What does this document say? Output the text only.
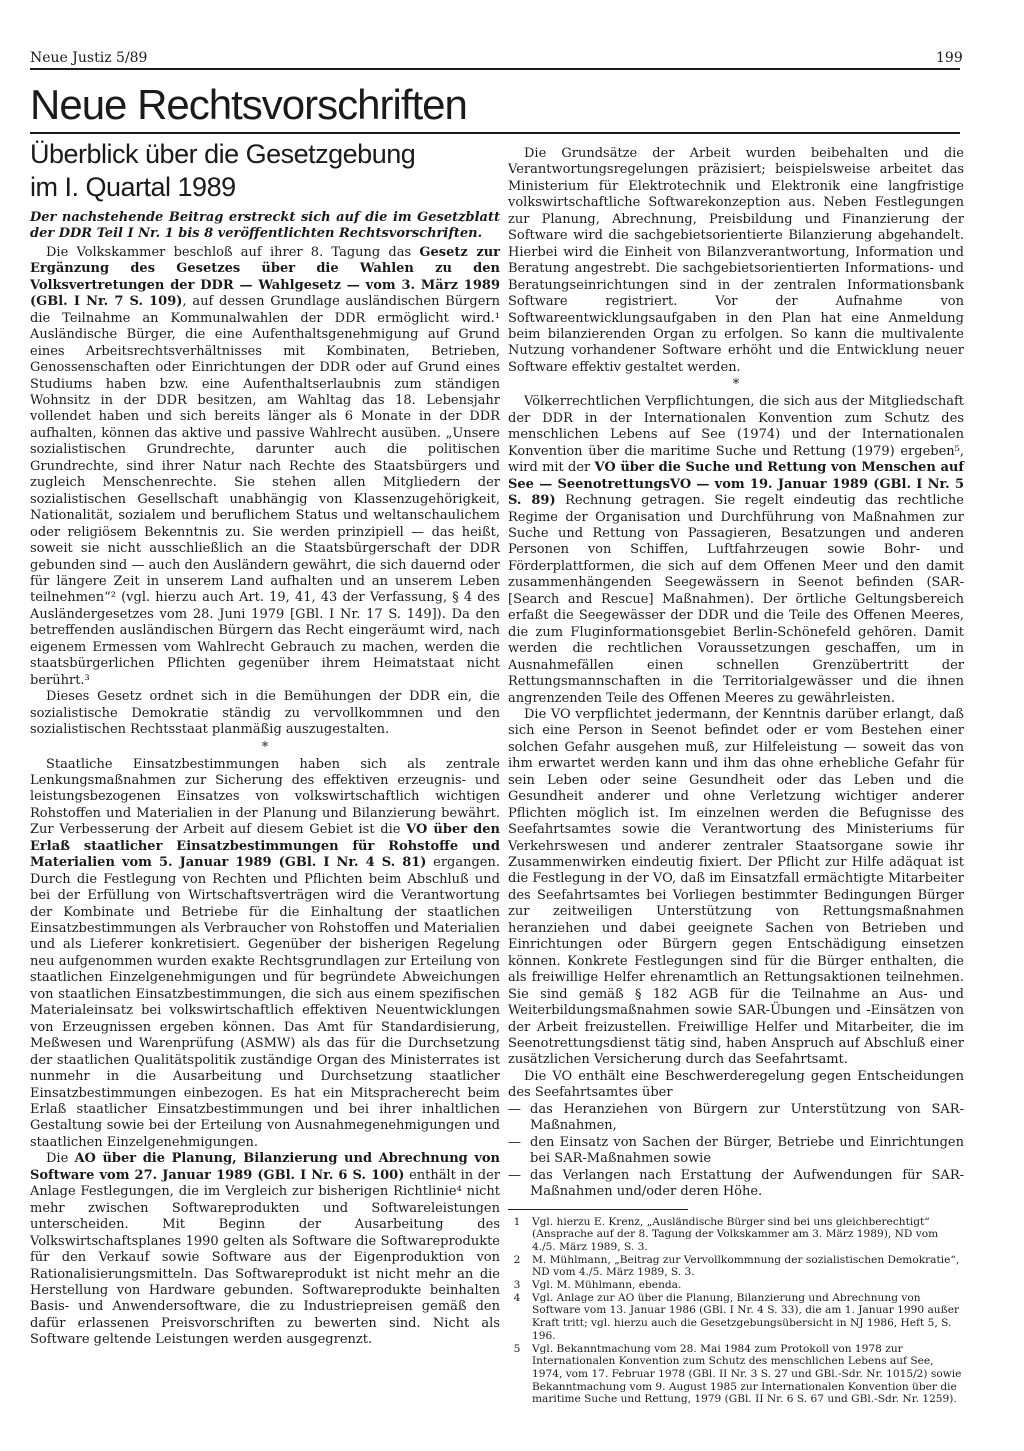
Neue Justiz 5/89	199
Neue Rechtsvorschriften
Überblick über die Gesetzgebung
im I. Quartal 1989

Der nachstehende Beitrag erstreckt sich auf die im Gesetzblatt der DDR Teil I Nr. 1 bis 8 veröffentlichten Rechtsvorschriften.

Die Volkskammer beschloß auf ihrer 8. Tagung das Gesetz zur Ergänzung des Gesetzes über die Wahlen zu den Volksvertretungen der DDR — Wahlgesetz — vom 3. März 1989 (GBl. I Nr. 7 S. 109), auf dessen Grundlage ausländischen Bürgern die Teilnahme an Kommunalwahlen der DDR ermöglicht wird.¹ Ausländische Bürger, die eine Aufenthaltsgenehmigung auf Grund eines Arbeitsrechtsverhältnisses mit Kombinaten, Betrieben, Genossenschaften oder Einrichtungen der DDR oder auf Grund eines Studiums haben bzw. eine Aufenthaltserlaubnis zum ständigen Wohnsitz in der DDR besitzen, am Wahltag das 18. Lebensjahr vollendet haben und sich bereits länger als 6 Monate in der DDR aufhalten, können das aktive und passive Wahlrecht ausüben. „Unsere sozialistischen Grundrechte, darunter auch die politischen Grundrechte, sind ihrer Natur nach Rechte des Staatsbürgers und zugleich Menschenrechte. Sie stehen allen Mitgliedern der sozialistischen Gesellschaft unabhängig von Klassenzugehörigkeit, Nationalität, sozialem und beruflichem Status und weltanschaulichem oder religiösem Bekenntnis zu. Sie werden prinzipiell — das heißt, soweit sie nicht ausschließlich an die Staatsbürgerschaft der DDR gebunden sind — auch den Ausländern gewährt, die sich dauernd oder für längere Zeit in unserem Land aufhalten und an unserem Leben teilnehmen“² (vgl. hierzu auch Art. 19, 41, 43 der Verfassung, § 4 des Ausländergesetzes vom 28. Juni 1979 [GBl. I Nr. 17 S. 149]). Da den betreffenden ausländischen Bürgern das Recht eingeräumt wird, nach eigenem Ermessen vom Wahlrecht Gebrauch zu machen, werden die staatsbürgerlichen Pflichten gegenüber ihrem Heimatstaat nicht berührt.³

Dieses Gesetz ordnet sich in die Bemühungen der DDR ein, die sozialistische Demokratie ständig zu vervollkommnen und den sozialistischen Rechtsstaat planmäßig auszugestalten.

*

Staatliche Einsatzbestimmungen haben sich als zentrale Lenkungsmaßnahmen zur Sicherung des effektiven erzeugnis- und leistungsbezogenen Einsatzes von volkswirtschaftlich wichtigen Rohstoffen und Materialien in der Planung und Bilanzierung bewährt. Zur Verbesserung der Arbeit auf diesem Gebiet ist die VO über den Erlaß staatlicher Einsatzbestimmungen für Rohstoffe und Materialien vom 5. Januar 1989 (GBl. I Nr. 4 S. 81) ergangen. Durch die Festlegung von Rechten und Pflichten beim Abschluß und bei der Erfüllung von Wirtschaftsverträgen wird die Verantwortung der Kombinate und Betriebe für die Einhaltung der staatlichen Einsatzbestimmungen als Verbraucher von Rohstoffen und Materialien und als Lieferer konkretisiert. Gegenüber der bisherigen Regelung neu aufgenommen wurden exakte Rechtsgrundlagen zur Erteilung von staatlichen Einzelgenehmigungen und für begründete Abweichungen von staatlichen Einsatzbestimmungen, die sich aus einem spezifischen Materialeinsatz bei volkswirtschaftlich effektiven Neuentwicklungen von Erzeugnissen ergeben können. Das Amt für Standardisierung, Meßwesen und Warenprüfung (ASMW) als das für die Durchsetzung der staatlichen Qualitätspolitik zuständige Organ des Ministerrates ist nunmehr in die Ausarbeitung und Durchsetzung staatlicher Einsatzbestimmungen einbezogen. Es hat ein Mitspracherecht beim Erlaß staatlicher Einsatzbestimmungen und bei ihrer inhaltlichen Gestaltung sowie bei der Erteilung von Ausnahmegenehmigungen und staatlichen Einzelgenehmigungen.

Die AO über die Planung, Bilanzierung und Abrechnung von Software vom 27. Januar 1989 (GBl. I Nr. 6 S. 100) enthält in der Anlage Festlegungen, die im Vergleich zur bisherigen Richtlinie⁴ nicht mehr zwischen Softwareprodukten und Softwareleistungen unterscheiden. Mit Beginn der Ausarbeitung des Volkswirtschaftsplanes 1990 gelten als Software die Softwareprodukte für den Verkauf sowie Software aus der Eigenproduktion von Rationalisierungsmitteln. Das Softwareprodukt ist nicht mehr an die Herstellung von Hardware gebunden. Softwareprodukte beinhalten Basis- und Anwendersoftware, die zu Industriepreisen gemäß den dafür erlassenen Preisvorschriften zu bewerten sind. Nicht als Software geltende Leistungen werden ausgegrenzt.

Die Grundsätze der Arbeit wurden beibehalten und die Verantwortungsregelungen präzisiert; beispielsweise arbeitet das Ministerium für Elektrotechnik und Elektronik eine langfristige volkswirtschaftliche Softwarekonzeption aus. Neben Festlegungen zur Planung, Abrechnung, Preisbildung und Finanzierung der Software wird die sachgebietsorientierte Bilanzierung abgehandelt. Hierbei wird die Einheit von Bilanzverantwortung, Information und Beratung angestrebt. Die sachgebietsorientierten Informations- und Beratungseinrichtungen sind in der zentralen Informationsbank Software registriert. Vor der Aufnahme von Softwareentwicklungsaufgaben in den Plan hat eine Anmeldung beim bilanzierenden Organ zu erfolgen. So kann die multivalente Nutzung vorhandener Software erhöht und die Entwicklung neuer Software effektiv gestaltet werden.

*

Völkerrechtlichen Verpflichtungen, die sich aus der Mitgliedschaft der DDR in der Internationalen Konvention zum Schutz des menschlichen Lebens auf See (1974) und der Internationalen Konvention über die maritime Suche und Rettung (1979) ergeben⁵, wird mit der VO über die Suche und Rettung von Menschen auf See — SeenotrettungsVO — vom 19. Januar 1989 (GBl. I Nr. 5 S. 89) Rechnung getragen. Sie regelt eindeutig das rechtliche Regime der Organisation und Durchführung von Maßnahmen zur Suche und Rettung von Passagieren, Besatzungen und anderen Personen von Schiffen, Luftfahrzeugen sowie Bohr- und Förderplattformen, die sich auf dem Offenen Meer und den damit zusammenhängenden Seegewässern in Seenot befinden (SAR- [Search and Rescue] Maßnahmen). Der örtliche Geltungsbereich erfaßt die Seegewässer der DDR und die Teile des Offenen Meeres, die zum Fluginformationsgebiet Berlin-Schönefeld gehören. Damit werden die rechtlichen Voraussetzungen geschaffen, um in Ausnahmefällen einen schnellen Grenzübertritt der Rettungsmannschaften in die Territorialgewässer und die ihnen angrenzenden Teile des Offenen Meeres zu gewährleisten.

Die VO verpflichtet jedermann, der Kenntnis darüber erlangt, daß sich eine Person in Seenot befindet oder er vom Bestehen einer solchen Gefahr ausgehen muß, zur Hilfeleistung — soweit das von ihm erwartet werden kann und ihm das ohne erhebliche Gefahr für sein Leben oder seine Gesundheit oder das Leben und die Gesundheit anderer und ohne Verletzung wichtiger anderer Pflichten möglich ist. Im einzelnen werden die Befugnisse des Seefahrtsamtes sowie die Verantwortung des Ministeriums für Verkehrswesen und anderer zentraler Staatsorgane sowie ihr Zusammenwirken eindeutig fixiert. Der Pflicht zur Hilfe adäquat ist die Festlegung in der VO, daß im Einsatzfall ermächtigte Mitarbeiter des Seefahrtsamtes bei Vorliegen bestimmter Bedingungen Bürger zur zeitweiligen Unterstützung von Rettungsmaßnahmen heranziehen und dabei geeignete Sachen von Betrieben und Einrichtungen oder Bürgern gegen Entschädigung einsetzen können. Konkrete Festlegungen sind für die Bürger enthalten, die als freiwillige Helfer ehrenamtlich an Rettungsaktionen teilnehmen. Sie sind gemäß § 182 AGB für die Teilnahme an Aus- und Weiterbildungsmaßnahmen sowie SAR-Übungen und -Einsätzen von der Arbeit freizustellen. Freiwillige Helfer und Mitarbeiter, die im Seenotrettungsdienst tätig sind, haben Anspruch auf Abschluß einer zusätzlichen Versicherung durch das Seefahrtsamt.

Die VO enthält eine Beschwerderegelung gegen Entscheidungen des Seefahrtsamtes über

— das Heranziehen von Bürgern zur Unterstützung von SAR-Maßnahmen,
— den Einsatz von Sachen der Bürger, Betriebe und Einrichtungen bei SAR-Maßnahmen sowie
— das Verlangen nach Erstattung der Aufwendungen für SAR-Maßnahmen und/oder deren Höhe.
1	Vgl. hierzu E. Krenz, „Ausländische Bürger sind bei uns gleichberechtigt“ (Ansprache auf der 8. Tagung der Volkskammer am 3. März 1989), ND vom 4./5. März 1989, S. 3.
2	M. Mühlmann, „Beitrag zur Vervollkommnung der sozialistischen Demokratie“, ND vom 4./5. März 1989, S. 3.
3	Vgl. M. Mühlmann, ebenda.
4	Vgl. Anlage zur AO über die Planung, Bilanzierung und Abrechnung von Software vom 13. Januar 1986 (GBl. I Nr. 4 S. 33), die am 1. Januar 1990 außer Kraft tritt; vgl. hierzu auch die Gesetzgebungsübersicht in NJ 1986, Heft 5, S. 196.
5	Vgl. Bekanntmachung vom 28. Mai 1984 zum Protokoll von 1978 zur Internationalen Konvention zum Schutz des menschlichen Lebens auf See, 1974, vom 17. Februar 1978 (GBl. II Nr. 3 S. 27 und GBl.-Sdr. Nr. 1015/2) sowie Bekanntmachung vom 9. August 1985 zur Internationalen Konvention über die maritime Suche und Rettung, 1979 (GBl. II Nr. 6 S. 67 und GBl.-Sdr. Nr. 1259).
